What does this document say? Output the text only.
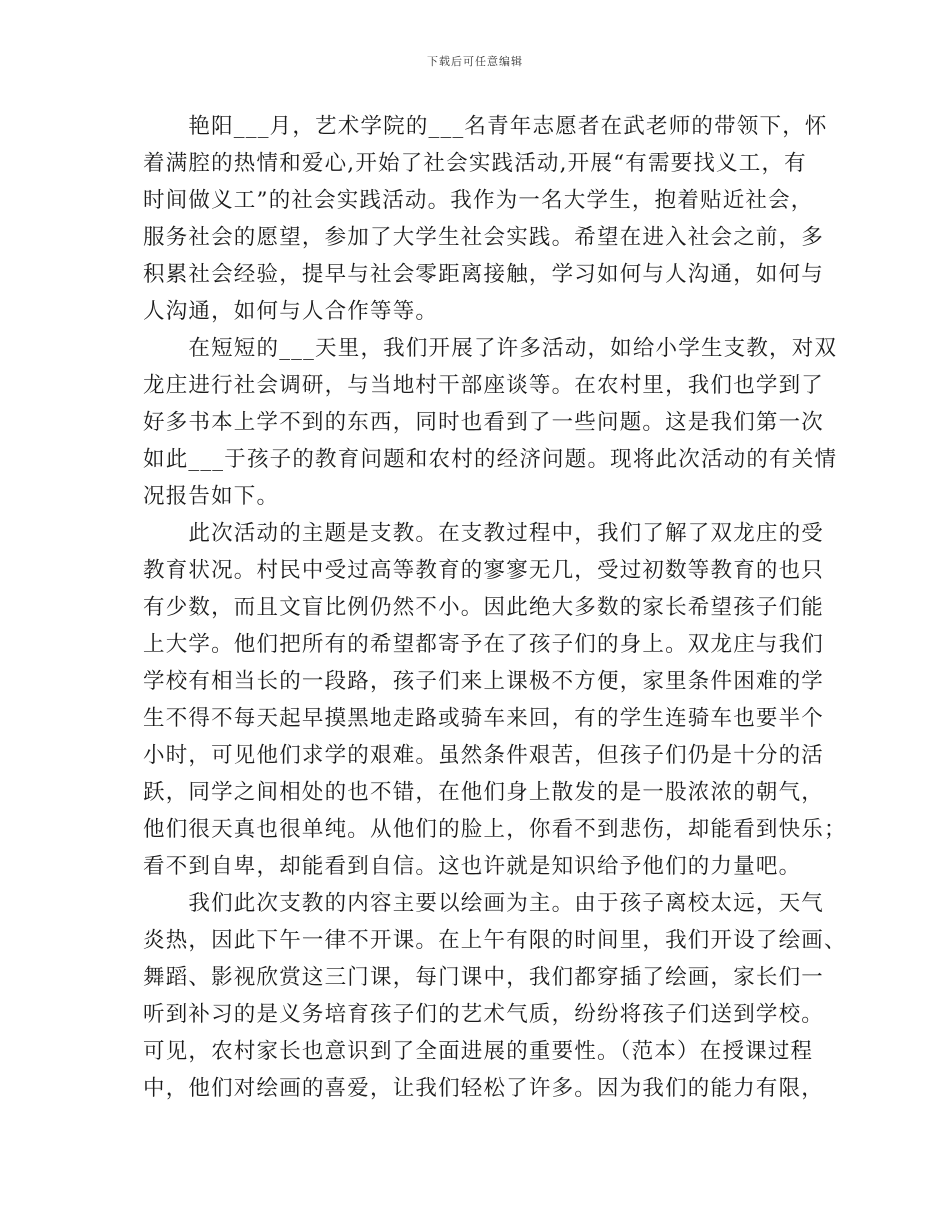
下载后可任意编辑
　　艳阳___月，艺术学院的___名青年志愿者在武老师的带领下，怀
着满腔的热情和爱心,开始了社会实践活动,开展“有需要找义工，有
时间做义工”的社会实践活动。我作为一名大学生，抱着贴近社会，
服务社会的愿望，参加了大学生社会实践。希望在进入社会之前，多
积累社会经验，提早与社会零距离接触，学习如何与人沟通，如何与
人沟通，如何与人合作等等。
　　在短短的___天里，我们开展了许多活动，如给小学生支教，对双
龙庄进行社会调研，与当地村干部座谈等。在农村里，我们也学到了
好多书本上学不到的东西，同时也看到了一些问题。这是我们第一次
如此___于孩子的教育问题和农村的经济问题。现将此次活动的有关情
况报告如下。
　　此次活动的主题是支教。在支教过程中，我们了解了双龙庄的受
教育状况。村民中受过高等教育的寥寥无几，受过初数等教育的也只
有少数，而且文盲比例仍然不小。因此绝大多数的家长希望孩子们能
上大学。他们把所有的希望都寄予在了孩子们的身上。双龙庄与我们
学校有相当长的一段路，孩子们来上课极不方便，家里条件困难的学
生不得不每天起早摸黑地走路或骑车来回，有的学生连骑车也要半个
小时，可见他们求学的艰难。虽然条件艰苦，但孩子们仍是十分的活
跃，同学之间相处的也不错，在他们身上散发的是一股浓浓的朝气，
他们很天真也很单纯。从他们的脸上，你看不到悲伤，却能看到快乐；
看不到自卑，却能看到自信。这也许就是知识给予他们的力量吧。
　　我们此次支教的内容主要以绘画为主。由于孩子离校太远，天气
炎热，因此下午一律不开课。在上午有限的时间里，我们开设了绘画、
舞蹈、影视欣赏这三门课，每门课中，我们都穿插了绘画，家长们一
听到补习的是义务培育孩子们的艺术气质，纷纷将孩子们送到学校。
可见，农村家长也意识到了全面进展的重要性。（范本）在授课过程
中，他们对绘画的喜爱，让我们轻松了许多。因为我们的能力有限，
